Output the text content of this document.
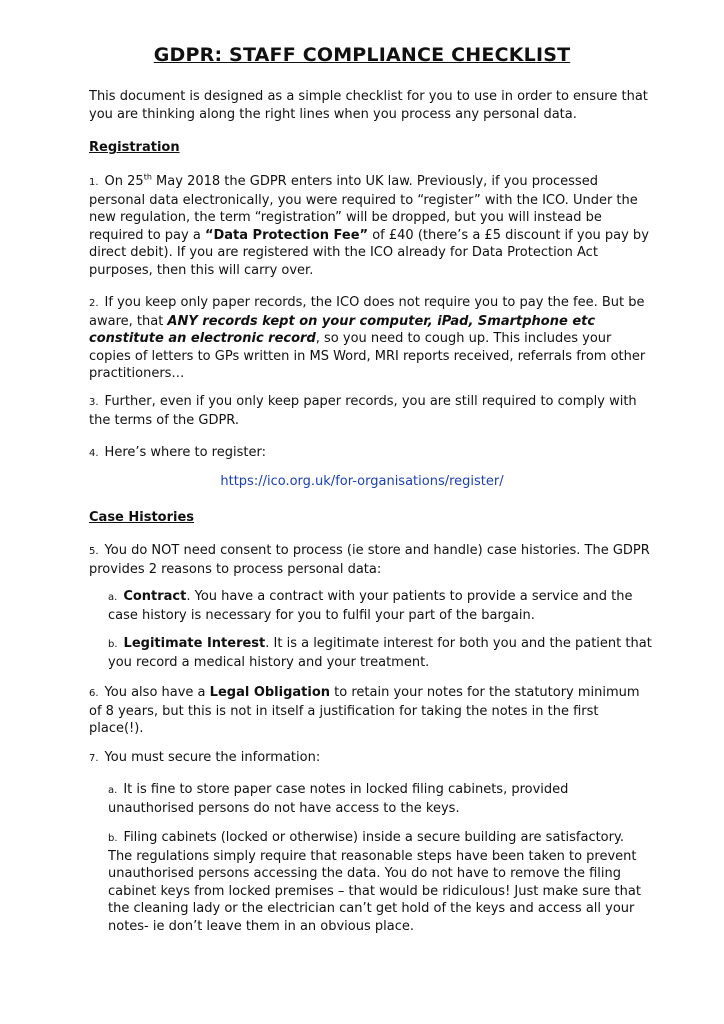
GDPR: STAFF COMPLIANCE CHECKLIST
This document is designed as a simple checklist for you to use in order to ensure that you are thinking along the right lines when you process any personal data.
Registration
1. On 25th May 2018 the GDPR enters into UK law. Previously, if you processed personal data electronically, you were required to “register” with the ICO. Under the new regulation, the term “registration” will be dropped, but you will instead be required to pay a “Data Protection Fee” of £40 (there’s a £5 discount if you pay by direct debit). If you are registered with the ICO already for Data Protection Act purposes, then this will carry over.
2. If you keep only paper records, the ICO does not require you to pay the fee. But be aware, that ANY records kept on your computer, iPad, Smartphone etc constitute an electronic record, so you need to cough up. This includes your copies of letters to GPs written in MS Word, MRI reports received, referrals from other practitioners…
3. Further, even if you only keep paper records, you are still required to comply with the terms of the GDPR.
4. Here’s where to register:
https://ico.org.uk/for-organisations/register/
Case Histories
5. You do NOT need consent to process (ie store and handle) case histories. The GDPR provides 2 reasons to process personal data:
a. Contract. You have a contract with your patients to provide a service and the case history is necessary for you to fulfil your part of the bargain.
b. Legitimate Interest. It is a legitimate interest for both you and the patient that you record a medical history and your treatment.
6. You also have a Legal Obligation to retain your notes for the statutory minimum of 8 years, but this is not in itself a justification for taking the notes in the first place(!).
7. You must secure the information:
a. It is fine to store paper case notes in locked filing cabinets, provided unauthorised persons do not have access to the keys.
b. Filing cabinets (locked or otherwise) inside a secure building are satisfactory. The regulations simply require that reasonable steps have been taken to prevent unauthorised persons accessing the data. You do not have to remove the filing cabinet keys from locked premises – that would be ridiculous! Just make sure that the cleaning lady or the electrician can’t get hold of the keys and access all your notes- ie don’t leave them in an obvious place.
